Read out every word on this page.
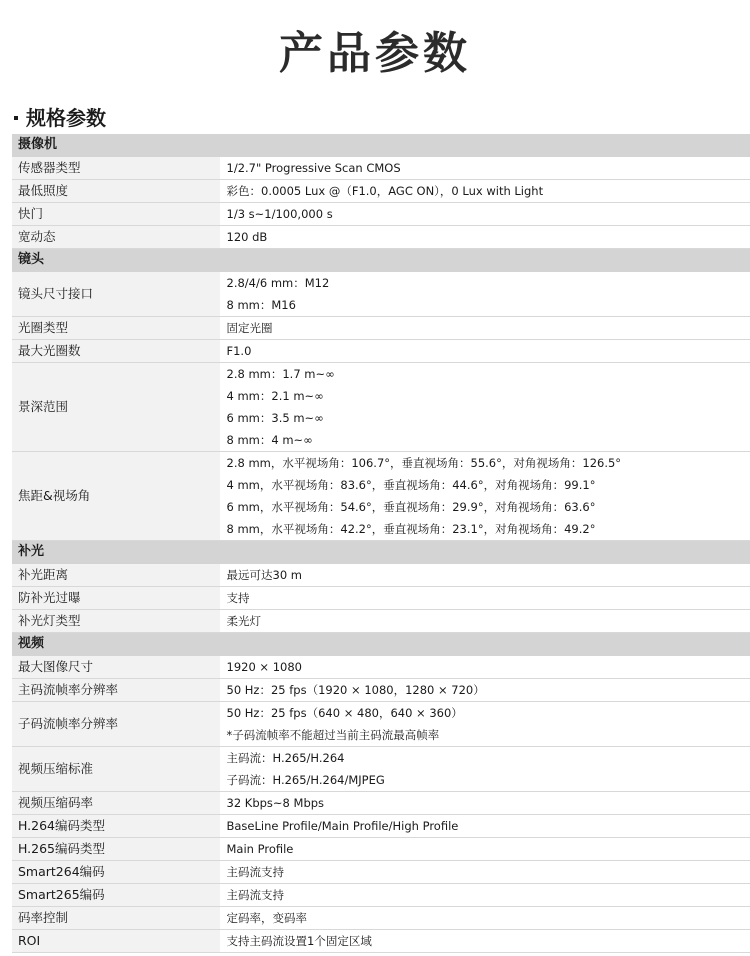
产品参数
规格参数
摄像机	
传感器类型	1/2.7" Progressive Scan CMOS

最低照度	彩色：0.0005 Lux @（F1.0，AGC ON），0 Lux with Light

快门	1/3 s~1/100,000 s

宽动态	120 dB

镜头	
镜头尺寸接口	2.8/4/6 mm：M12
8 mm：M16

光圈类型	固定光圈

最大光圈数	F1.0

景深范围	2.8 mm：1.7 m~∞
4 mm：2.1 m~∞
6 mm：3.5 m~∞
8 mm：4 m~∞

焦距&视场角	2.8 mm，水平视场角：106.7°，垂直视场角：55.6°，对角视场角：126.5°
4 mm，水平视场角：83.6°，垂直视场角：44.6°，对角视场角：99.1°
6 mm，水平视场角：54.6°，垂直视场角：29.9°，对角视场角：63.6°
8 mm，水平视场角：42.2°，垂直视场角：23.1°，对角视场角：49.2°

补光	
补光距离	最远可达30 m

防补光过曝	支持

补光灯类型	柔光灯

视频	
最大图像尺寸	1920 × 1080

主码流帧率分辨率	50 Hz：25 fps（1920 × 1080，1280 × 720）

子码流帧率分辨率	50 Hz：25 fps（640 × 480，640 × 360）
*子码流帧率不能超过当前主码流最高帧率

视频压缩标准	主码流：H.265/H.264
子码流：H.265/H.264/MJPEG

视频压缩码率	32 Kbps~8 Mbps

H.264编码类型	BaseLine Profile/Main Profile/High Profile

H.265编码类型	Main Profile

Smart264编码	主码流支持

Smart265编码	主码流支持

码率控制	定码率，变码率

ROI	支持主码流设置1个固定区域
